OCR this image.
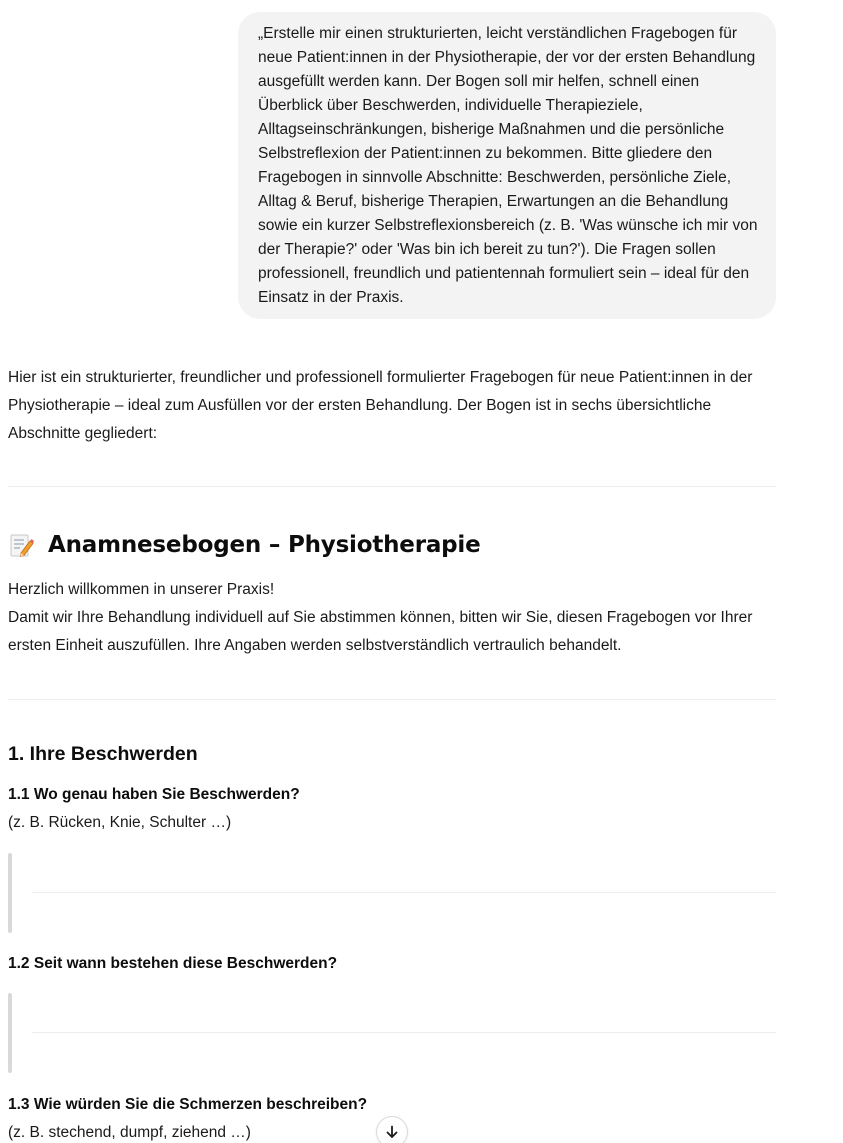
„Erstelle mir einen strukturierten, leicht verständlichen Fragebogen für neue Patient:innen in der Physiotherapie, der vor der ersten Behandlung ausgefüllt werden kann. Der Bogen soll mir helfen, schnell einen Überblick über Beschwerden, individuelle Therapieziele, Alltagseinschränkungen, bisherige Maßnahmen und die persönliche Selbstreflexion der Patient:innen zu bekommen. Bitte gliedere den Fragebogen in sinnvolle Abschnitte: Beschwerden, persönliche Ziele, Alltag & Beruf, bisherige Therapien, Erwartungen an die Behandlung sowie ein kurzer Selbstreflexionsbereich (z. B. 'Was wünsche ich mir von der Therapie?' oder 'Was bin ich bereit zu tun?'). Die Fragen sollen professionell, freundlich und patientennah formuliert sein – ideal für den Einsatz in der Praxis.

Hier ist ein strukturierter, freundlicher und professionell formulierter Fragebogen für neue Patient:innen in der Physiotherapie – ideal zum Ausfüllen vor der ersten Behandlung. Der Bogen ist in sechs übersichtliche Abschnitte gegliedert:

Anamnesebogen – Physiotherapie

Herzlich willkommen in unserer Praxis!

Damit wir Ihre Behandlung individuell auf Sie abstimmen können, bitten wir Sie, diesen Fragebogen vor Ihrer ersten Einheit auszufüllen. Ihre Angaben werden selbstverständlich vertraulich behandelt.

1. Ihre Beschwerden

1.1 Wo genau haben Sie Beschwerden?

(z. B. Rücken, Knie, Schulter …)

1.2 Seit wann bestehen diese Beschwerden?

1.3 Wie würden Sie die Schmerzen beschreiben?

(z. B. stechend, dumpf, ziehend …)
